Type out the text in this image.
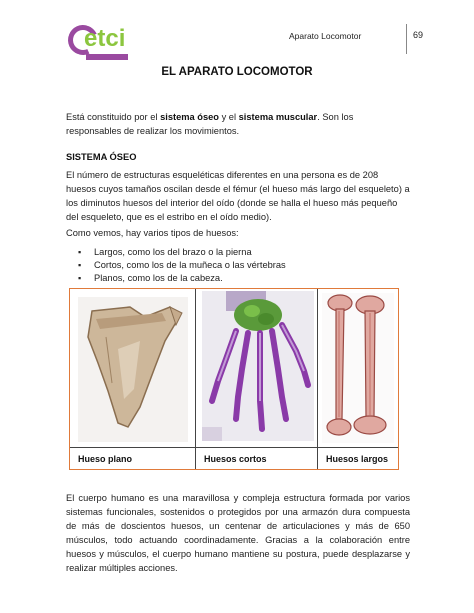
etci	Aparato Locomotor	69
EL APARATO LOCOMOTOR
Está constituido por el sistema óseo y el sistema muscular. Son los responsables de realizar los movimientos.
SISTEMA ÓSEO
El número de estructuras esqueléticas diferentes en una persona es de 208 huesos cuyos tamaños oscilan desde el fémur (el hueso más largo del esqueleto) a los diminutos huesos del interior del oído (donde se halla el hueso más pequeño del esqueleto, que es el estribo en el oído medio).
Como vemos, hay varios tipos de huesos:
▪ Largos, como los del brazo o la pierna
▪ Cortos, como los de la muñeca o las vértebras
▪ Planos, como los de la cabeza.
Hueso plano	Huesos cortos	Huesos largos
El cuerpo humano es una maravillosa y compleja estructura formada por varios sistemas funcionales, sostenidos o protegidos por una armazón dura compuesta de más de doscientos huesos, un centenar de articulaciones y más de 650 músculos, todo actuando coordinadamente. Gracias a la colaboración entre huesos y músculos, el cuerpo humano mantiene su postura, puede desplazarse y realizar múltiples acciones.
